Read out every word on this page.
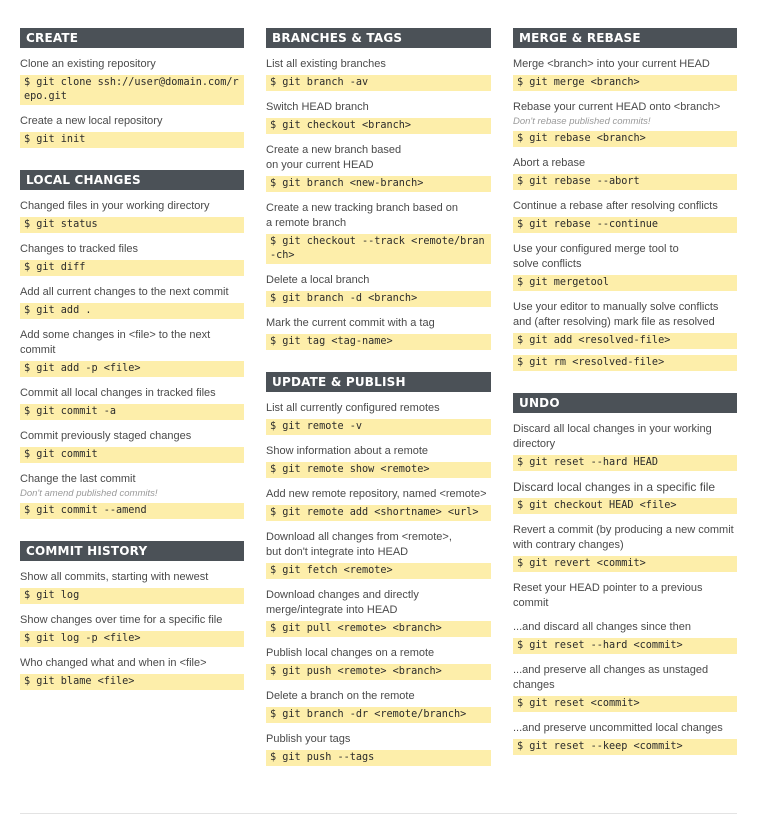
CREATE
Clone an existing repository
$ git clone ssh://user@domain.com/repo.git
Create a new local repository
$ git init
LOCAL CHANGES
Changed files in your working directory
$ git status
Changes to tracked files
$ git diff
Add all current changes to the next commit
$ git add .
Add some changes in <file> to the next commit
$ git add -p <file>
Commit all local changes in tracked files
$ git commit -a
Commit previously staged changes
$ git commit
Change the last commit
Don't amend published commits!
$ git commit --amend
COMMIT HISTORY
Show all commits, starting with newest
$ git log
Show changes over time for a specific file
$ git log -p <file>
Who changed what and when in <file>
$ git blame <file>
BRANCHES & TAGS
List all existing branches
$ git branch -av
Switch HEAD branch
$ git checkout <branch>
Create a new branch based
on your current HEAD
$ git branch <new-branch>
Create a new tracking branch based on
a remote branch
$ git checkout --track <remote/bran-ch>
Delete a local branch
$ git branch -d <branch>
Mark the current commit with a tag
$ git tag <tag-name>
UPDATE & PUBLISH
List all currently configured remotes
$ git remote -v
Show information about a remote
$ git remote show <remote>
Add new remote repository, named <remote>
$ git remote add <shortname> <url>
Download all changes from <remote>,
but don't integrate into HEAD
$ git fetch <remote>
Download changes and directly
merge/integrate into HEAD
$ git pull <remote> <branch>
Publish local changes on a remote
$ git push <remote> <branch>
Delete a branch on the remote
$ git branch -dr <remote/branch>
Publish your tags
$ git push --tags
MERGE & REBASE
Merge <branch> into your current HEAD
$ git merge <branch>
Rebase your current HEAD onto <branch>
Don't rebase published commits!
$ git rebase <branch>
Abort a rebase
$ git rebase --abort
Continue a rebase after resolving conflicts
$ git rebase --continue
Use your configured merge tool to
solve conflicts
$ git mergetool
Use your editor to manually solve conflicts
and (after resolving) mark file as resolved
$ git add <resolved-file>
$ git rm <resolved-file>
UNDO
Discard all local changes in your working
directory
$ git reset --hard HEAD
Discard local changes in a specific file
$ git checkout HEAD <file>
Revert a commit (by producing a new commit
with contrary changes)
$ git revert <commit>
Reset your HEAD pointer to a previous commit
...and discard all changes since then
$ git reset --hard <commit>
...and preserve all changes as unstaged
changes
$ git reset <commit>
...and preserve uncommitted local changes
$ git reset --keep <commit>
